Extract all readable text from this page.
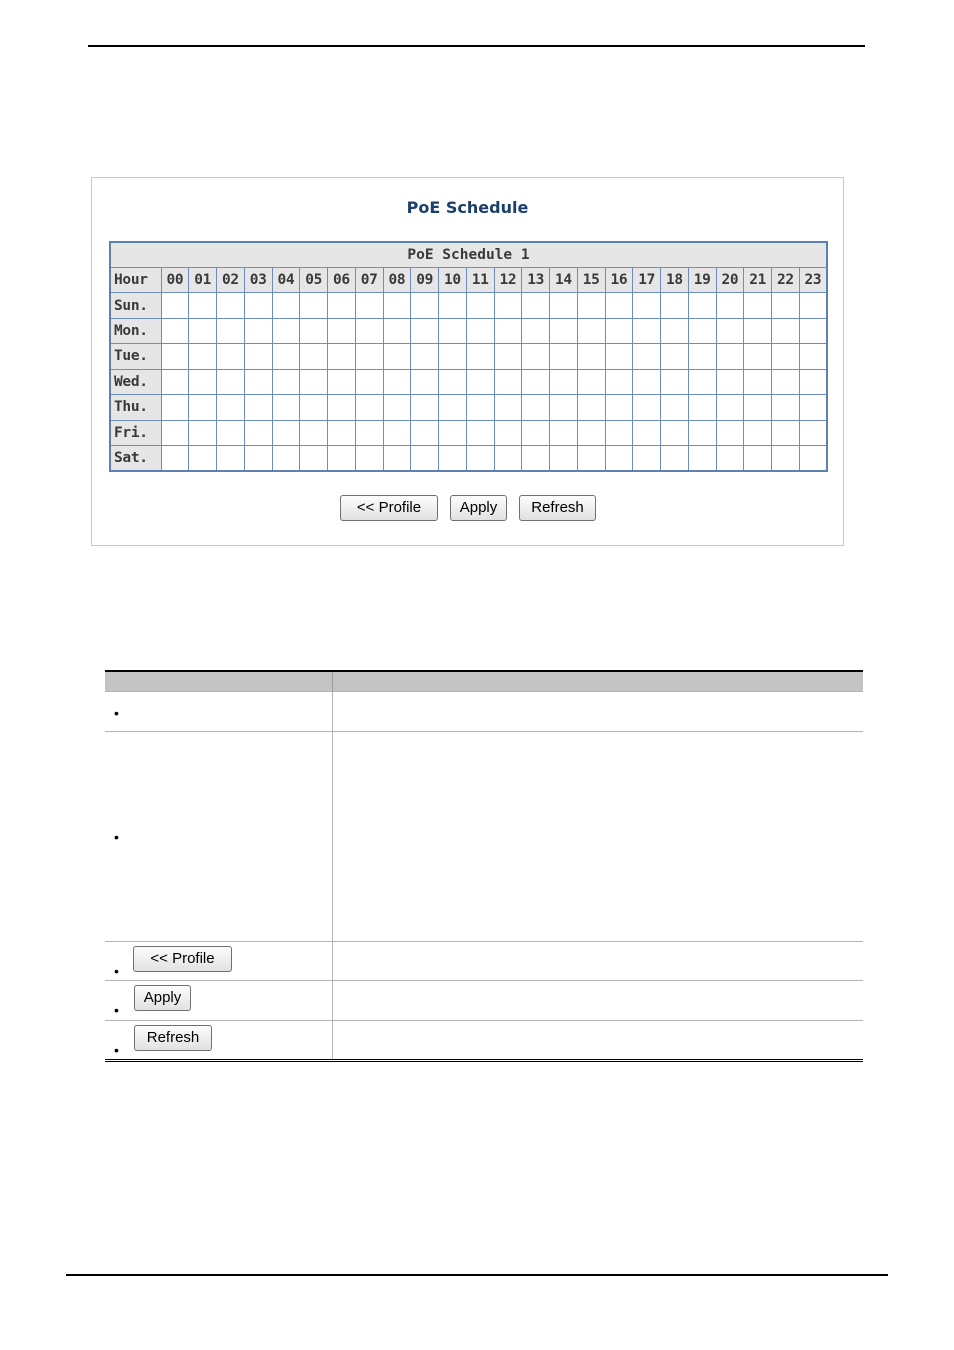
PoE Schedule
PoE Schedule 1																								
Hour	00	01	02	03	04	05	06	07	08	09	10	11	12	13	14	15	16	17	18	19	20	21	22	23
Sun.																								
Mon.																								
Tue.																								
Wed.																								
Thu.																								
Fri.																								
Sat.																								
<< Profile	Apply	Refresh

•	

•	

•
<< Profile	

•
Apply	

•
Refresh	
